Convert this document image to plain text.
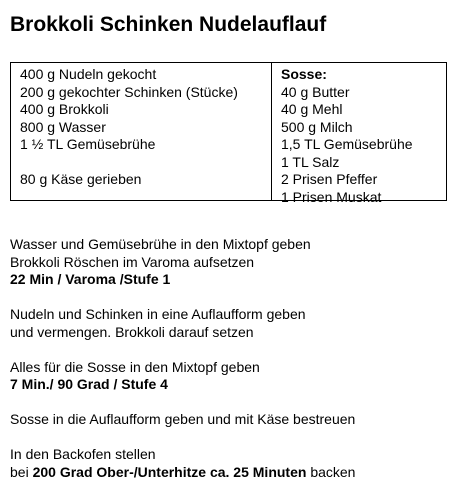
Brokkoli Schinken Nudelauflauf
400 g Nudeln gekocht
200 g gekochter Schinken (Stücke)
400 g Brokkoli
800 g Wasser
1 ½ TL Gemüsebrühe
80 g Käse gerieben
Sosse:
40 g Butter
40 g Mehl
500 g Milch
1,5 TL Gemüsebrühe
1 TL Salz
2 Prisen Pfeffer
1 Prisen Muskat
Wasser und Gemüsebrühe in den Mixtopf geben
Brokkoli Röschen im Varoma aufsetzen
22 Min / Varoma /Stufe 1
Nudeln und Schinken in eine Auflaufform geben
und vermengen. Brokkoli darauf setzen
Alles für die Sosse in den Mixtopf geben
7 Min./ 90 Grad / Stufe 4
Sosse in die Auflaufform geben und mit Käse bestreuen
In den Backofen stellen
bei 200 Grad Ober-/Unterhitze ca. 25 Minuten backen
